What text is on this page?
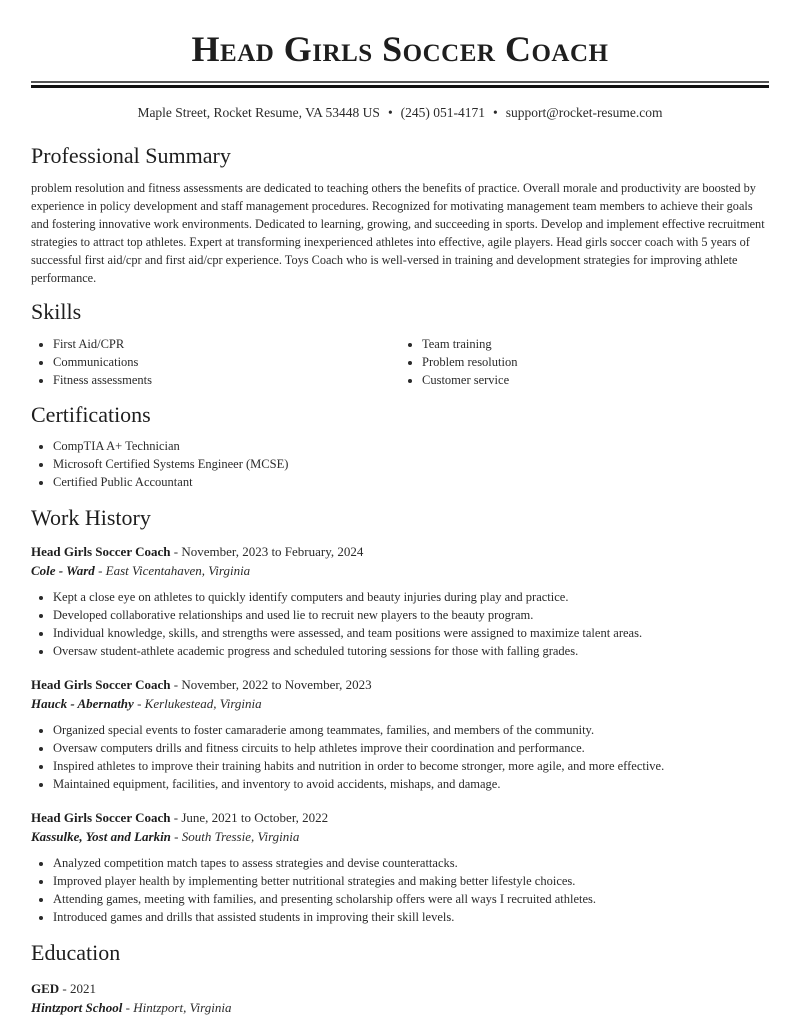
Head Girls Soccer Coach
Maple Street, Rocket Resume, VA 53448 US • (245) 051-4171 • support@rocket-resume.com
Professional Summary
problem resolution and fitness assessments are dedicated to teaching others the benefits of practice. Overall morale and productivity are boosted by experience in policy development and staff management procedures. Recognized for motivating management team members to achieve their goals and fostering innovative work environments. Dedicated to learning, growing, and succeeding in sports. Develop and implement effective recruitment strategies to attract top athletes. Expert at transforming inexperienced athletes into effective, agile players. Head girls soccer coach with 5 years of successful first aid/cpr and first aid/cpr experience. Toys Coach who is well-versed in training and development strategies for improving athlete performance.
Skills
• First Aid/CPR
• Communications
• Fitness assessments
• Team training
• Problem resolution
• Customer service
Certifications
• CompTIA A+ Technician
• Microsoft Certified Systems Engineer (MCSE)
• Certified Public Accountant
Work History
Head Girls Soccer Coach - November, 2023 to February, 2024
Cole - Ward - East Vicentahaven, Virginia
• Kept a close eye on athletes to quickly identify computers and beauty injuries during play and practice.
• Developed collaborative relationships and used lie to recruit new players to the beauty program.
• Individual knowledge, skills, and strengths were assessed, and team positions were assigned to maximize talent areas.
• Oversaw student-athlete academic progress and scheduled tutoring sessions for those with falling grades.
Head Girls Soccer Coach - November, 2022 to November, 2023
Hauck - Abernathy - Kerlukestead, Virginia
• Organized special events to foster camaraderie among teammates, families, and members of the community.
• Oversaw computers drills and fitness circuits to help athletes improve their coordination and performance.
• Inspired athletes to improve their training habits and nutrition in order to become stronger, more agile, and more effective.
• Maintained equipment, facilities, and inventory to avoid accidents, mishaps, and damage.
Head Girls Soccer Coach - June, 2021 to October, 2022
Kassulke, Yost and Larkin - South Tressie, Virginia
• Analyzed competition match tapes to assess strategies and devise counterattacks.
• Improved player health by implementing better nutritional strategies and making better lifestyle choices.
• Attending games, meeting with families, and presenting scholarship offers were all ways I recruited athletes.
• Introduced games and drills that assisted students in improving their skill levels.
Education
GED - 2021
Hintzport School - Hintzport, Virginia
